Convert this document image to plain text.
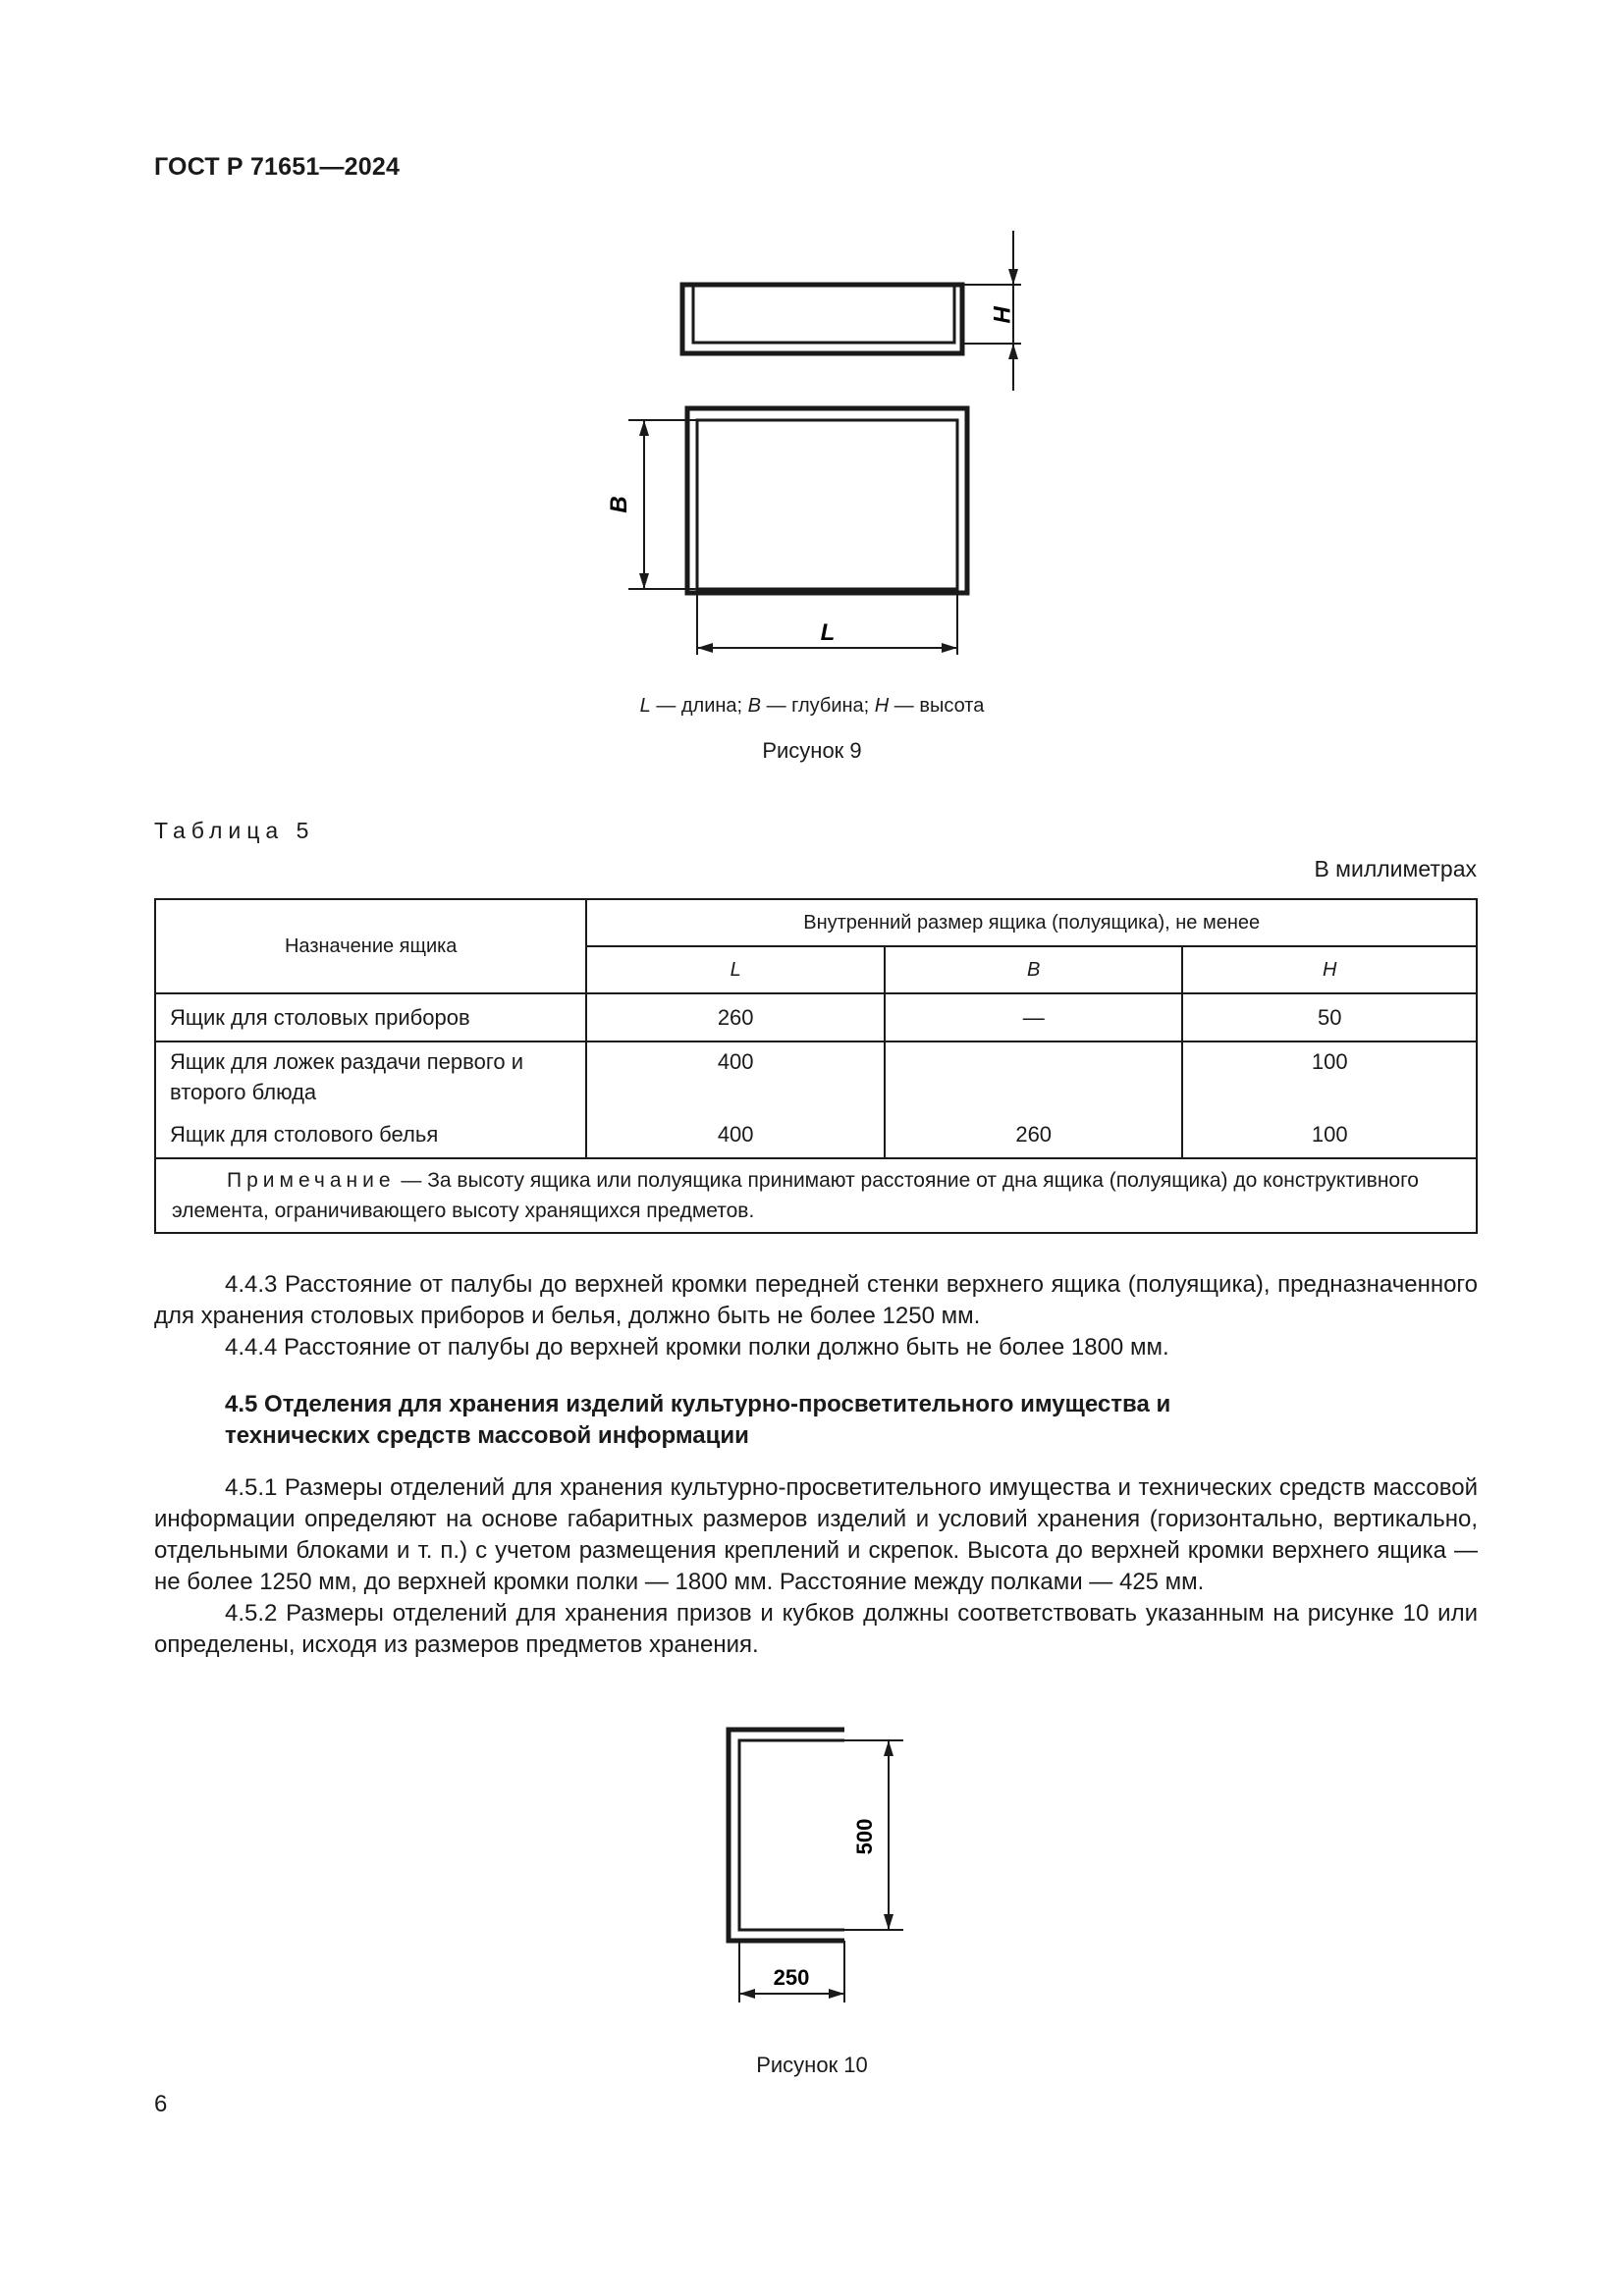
ГОСТ Р 71651—2024
H
B
L
L — длина; B — глубина; H — высота
Рисунок 9
Таблица 5
В миллиметрах
Назначение ящика	Внутренний размер ящика (полуящика), не менее		
	L	B	H
Ящик для столовых приборов	260	—	50
Ящик для ложек раздачи первого и второго блюда	400		100
Ящик для столового белья	400	260	100
Примечание — За высоту ящика или полуящика принимают расстояние от дна ящика (полуящика) до конструктивного элемента, ограничивающего высоту хранящихся предметов.			

4.4.3 Расстояние от палубы до верхней кромки передней стенки верхнего ящика (полуящика), предназначенного для хранения столовых приборов и белья, должно быть не более 1250 мм.

4.4.4 Расстояние от палубы до верхней кромки полки должно быть не более 1800 мм.

4.5 Отделения для хранения изделий культурно-просветительного имущества и
технических средств массовой информации

4.5.1 Размеры отделений для хранения культурно-просветительного имущества и технических средств массовой информации определяют на основе габаритных размеров изделий и условий хранения (горизонтально, вертикально, отдельными блоками и т. п.) с учетом размещения креплений и скрепок. Высота до верхней кромки верхнего ящика — не более 1250 мм, до верхней кромки полки — 1800 мм. Расстояние между полками — 425 мм.

4.5.2 Размеры отделений для хранения призов и кубков должны соответствовать указанным на рисунке 10 или определены, исходя из размеров предметов хранения.

500
250
Рисунок 10
6
